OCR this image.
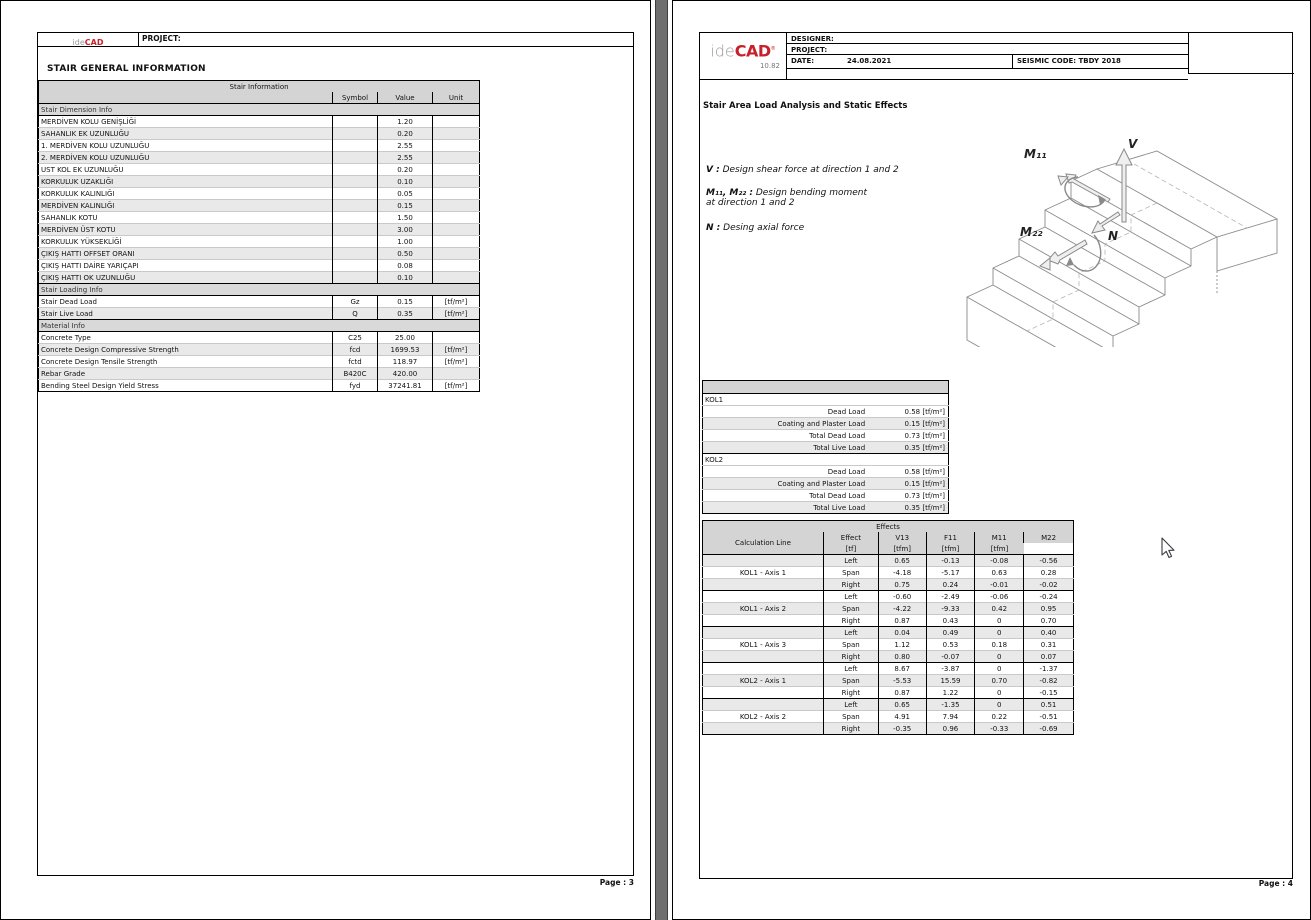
ideCAD	PROJECT:
STAIR GENERAL INFORMATION
Stair Information			
	Symbol	Value	Unit
Stair Dimension Info			
MERDİVEN KOLU GENİŞLİĞİ		1.20	
SAHANLIK EK UZUNLUĞU		0.20	
1. MERDİVEN KOLU UZUNLUĞU		2.55	
2. MERDİVEN KOLU UZUNLUĞU		2.55	
UST KOL EK UZUNLUĞU		0.20	
KORKULUK UZAKLIĞI		0.10	
KORKULUK KALINLIĞI		0.05	
MERDİVEN KALINLIĞI		0.15	
SAHANLIK KOTU		1.50	
MERDİVEN ÜST KOTU		3.00	
KORKULUK YÜKSEKLİĞİ		1.00	
ÇIKIŞ HATTI OFFSET ORANI		0.50	
ÇIKIŞ HATTI DAİRE YARIÇAPI		0.08	
ÇIKIŞ HATTI OK UZUNLUĞU		0.10	
Stair Loading Info			
Stair Dead Load	Gz	0.15	[tf/m²]
Stair Live Load	Q	0.35	[tf/m²]
Material Info			
Concrete Type	C25	25.00	
Concrete Design Compressive Strength	fcd	1699.53	[tf/m²]
Concrete Design Tensile Strength	fctd	118.97	[tf/m²]
Rebar Grade	B420C	420.00	
Bending Steel Design Yield Stress	fyd	37241.81	[tf/m²]
Page : 3
ideCAD®
10.82
DESIGNER:
PROJECT:
DATE:	24.08.2021	SEISMIC CODE: TBDY 2018
Stair Area Load Analysis and Static Effects
V : Design shear force at direction 1 and 2
M₁₁, M₂₂ : Design bending moment
at direction 1 and 2
N : Desing axial force
V
M₁₁
M₂₂	N

KOL1	
Dead Load	0.58 [tf/m²]
Coating and Plaster Load	0.15 [tf/m²]
Total Dead Load	0.73 [tf/m²]
Total Live Load	0.35 [tf/m²]
KOL2	
Dead Load	0.58 [tf/m²]
Coating and Plaster Load	0.15 [tf/m²]
Total Dead Load	0.73 [tf/m²]
Total Live Load	0.35 [tf/m²]
Effects					
Calculation Line	Effect	V13	F11	M11	M22
	[tf]	[tfm]	[tfm]	[tfm]	
	Left	0.65	-0.13	-0.08	-0.56
KOL1 - Axis 1	Span	-4.18	-5.17	0.63	0.28
	Right	0.75	0.24	-0.01	-0.02
	Left	-0.60	-2.49	-0.06	-0.24
KOL1 - Axis 2	Span	-4.22	-9.33	0.42	0.95
	Right	0.87	0.43	0	0.70
	Left	0.04	0.49	0	0.40
KOL1 - Axis 3	Span	1.12	0.53	0.18	0.31
	Right	0.80	-0.07	0	0.07
	Left	8.67	-3.87	0	-1.37
KOL2 - Axis 1	Span	-5.53	15.59	0.70	-0.82
	Right	0.87	1.22	0	-0.15
	Left	0.65	-1.35	0	0.51
KOL2 - Axis 2	Span	4.91	7.94	0.22	-0.51
	Right	-0.35	0.96	-0.33	-0.69
Page : 4
